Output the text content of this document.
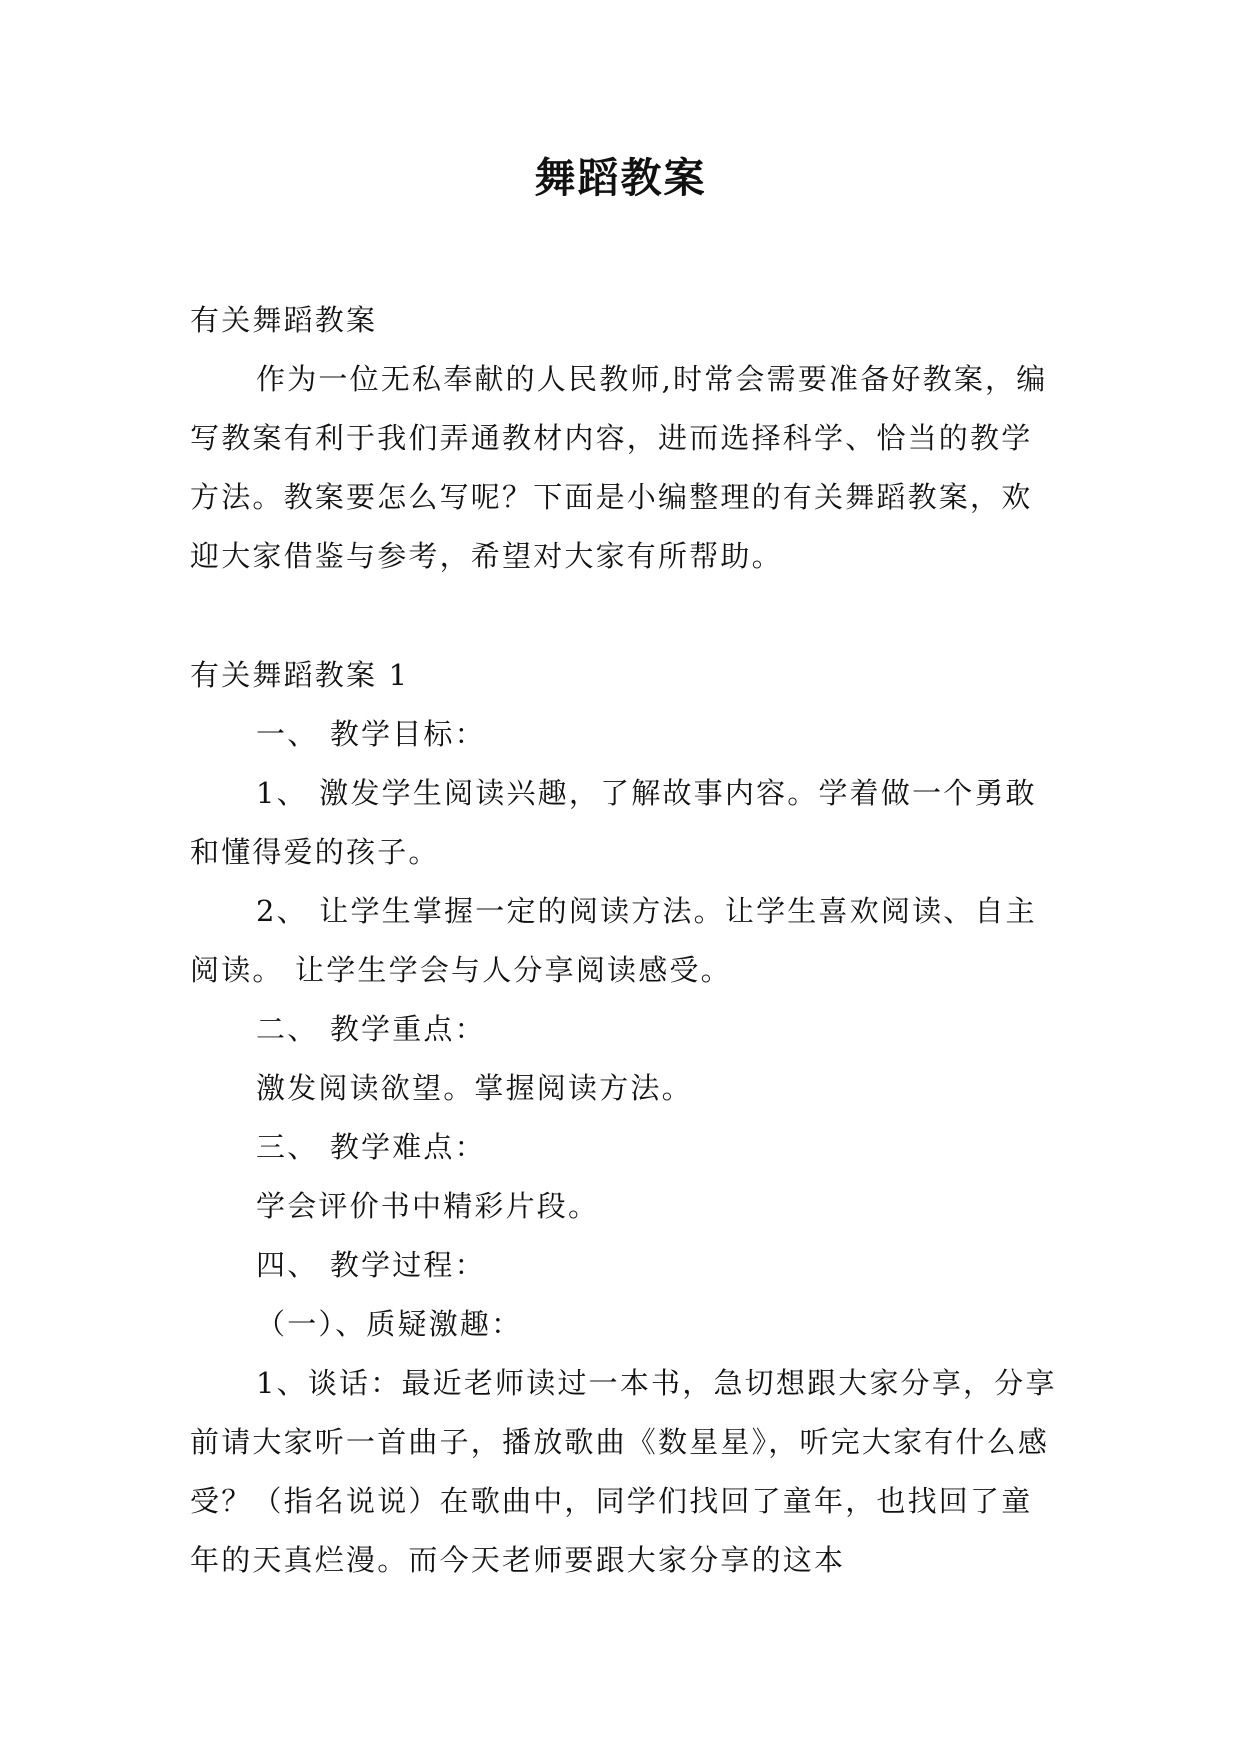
舞蹈教案

有关舞蹈教案

作为一位无私奉献的人民教师,时常会需要准备好教案，编写教案有利于我们弄通教材内容，进而选择科学、恰当的教学方法。教案要怎么写呢？下面是小编整理的有关舞蹈教案，欢迎大家借鉴与参考，希望对大家有所帮助。

有关舞蹈教案 1

一、 教学目标：

1、 激发学生阅读兴趣，了解故事内容。学着做一个勇敢和懂得爱的孩子。

2、 让学生掌握一定的阅读方法。让学生喜欢阅读、自主阅读。 让学生学会与人分享阅读感受。

二、 教学重点：

激发阅读欲望。掌握阅读方法。

三、 教学难点：

学会评价书中精彩片段。

四、 教学过程：

（一）、质疑激趣：

1、谈话：最近老师读过一本书，急切想跟大家分享，分享前请大家听一首曲子，播放歌曲《数星星》，听完大家有什么感受？（指名说说）在歌曲中，同学们找回了童年，也找回了童年的天真烂漫。而今天老师要跟大家分享的这本
